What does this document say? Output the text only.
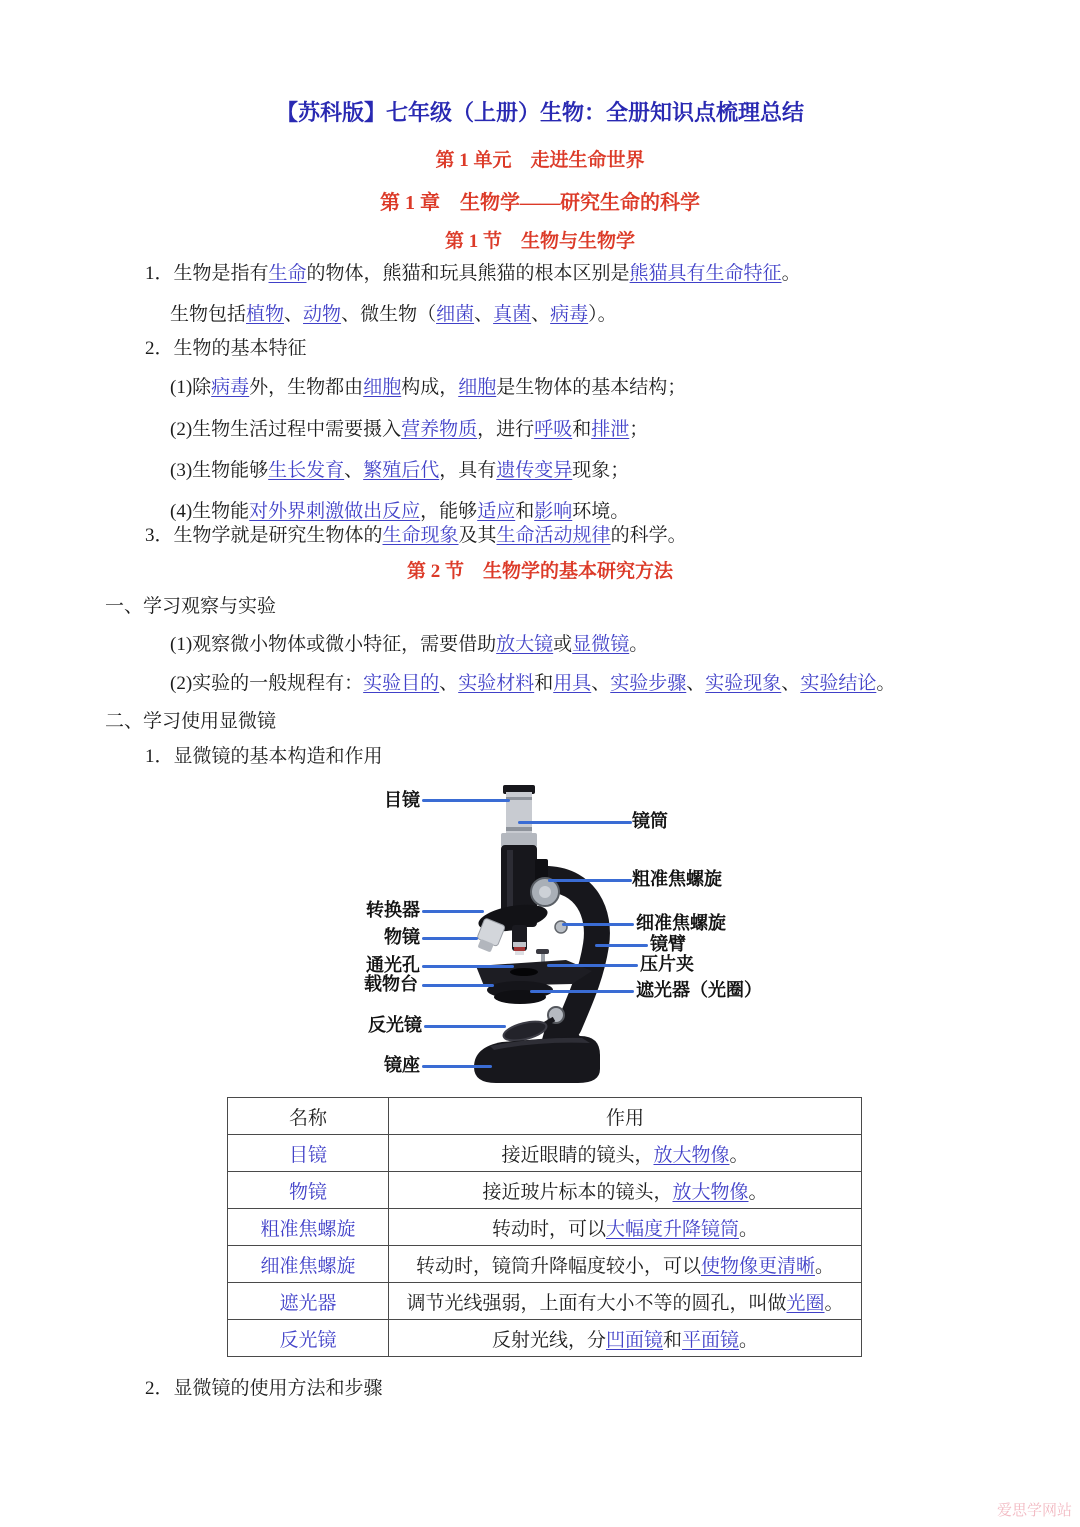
【苏科版】七年级（上册）生物：全册知识点梳理总结
第 1 单元　走进生命世界
第 1 章　生物学——研究生命的科学
第 1 节　生物与生物学
1．生物是指有生命的物体，熊猫和玩具熊猫的根本区别是熊猫具有生命特征。
生物包括植物、动物、微生物（细菌、真菌、病毒）。
2．生物的基本特征
(1)除病毒外，生物都由细胞构成，细胞是生物体的基本结构；
(2)生物生活过程中需要摄入营养物质，进行呼吸和排泄；
(3)生物能够生长发育、繁殖后代，具有遗传变异现象；
(4)生物能对外界刺激做出反应，能够适应和影响环境。
3．生物学就是研究生物体的生命现象及其生命活动规律的科学。
第 2 节　生物学的基本研究方法
一、学习观察与实验
(1)观察微小物体或微小特征，需要借助放大镜或显微镜。
(2)实验的一般规程有：实验目的、实验材料和用具、实验步骤、实验现象、实验结论。
二、学习使用显微镜
1．显微镜的基本构造和作用
目镜
转换器
物镜
通光孔
载物台
反光镜
镜座
镜筒
粗准焦螺旋
细准焦螺旋
镜臂
压片夹
遮光器（光圈）
名称	作用
目镜	接近眼睛的镜头，放大物像。
物镜	接近玻片标本的镜头，放大物像。
粗准焦螺旋	转动时，可以大幅度升降镜筒。
细准焦螺旋	转动时，镜筒升降幅度较小，可以使物像更清晰。
遮光器	调节光线强弱，上面有大小不等的圆孔，叫做光圈。
反光镜	反射光线，分凹面镜和平面镜。
2．显微镜的使用方法和步骤
爱思学网站
